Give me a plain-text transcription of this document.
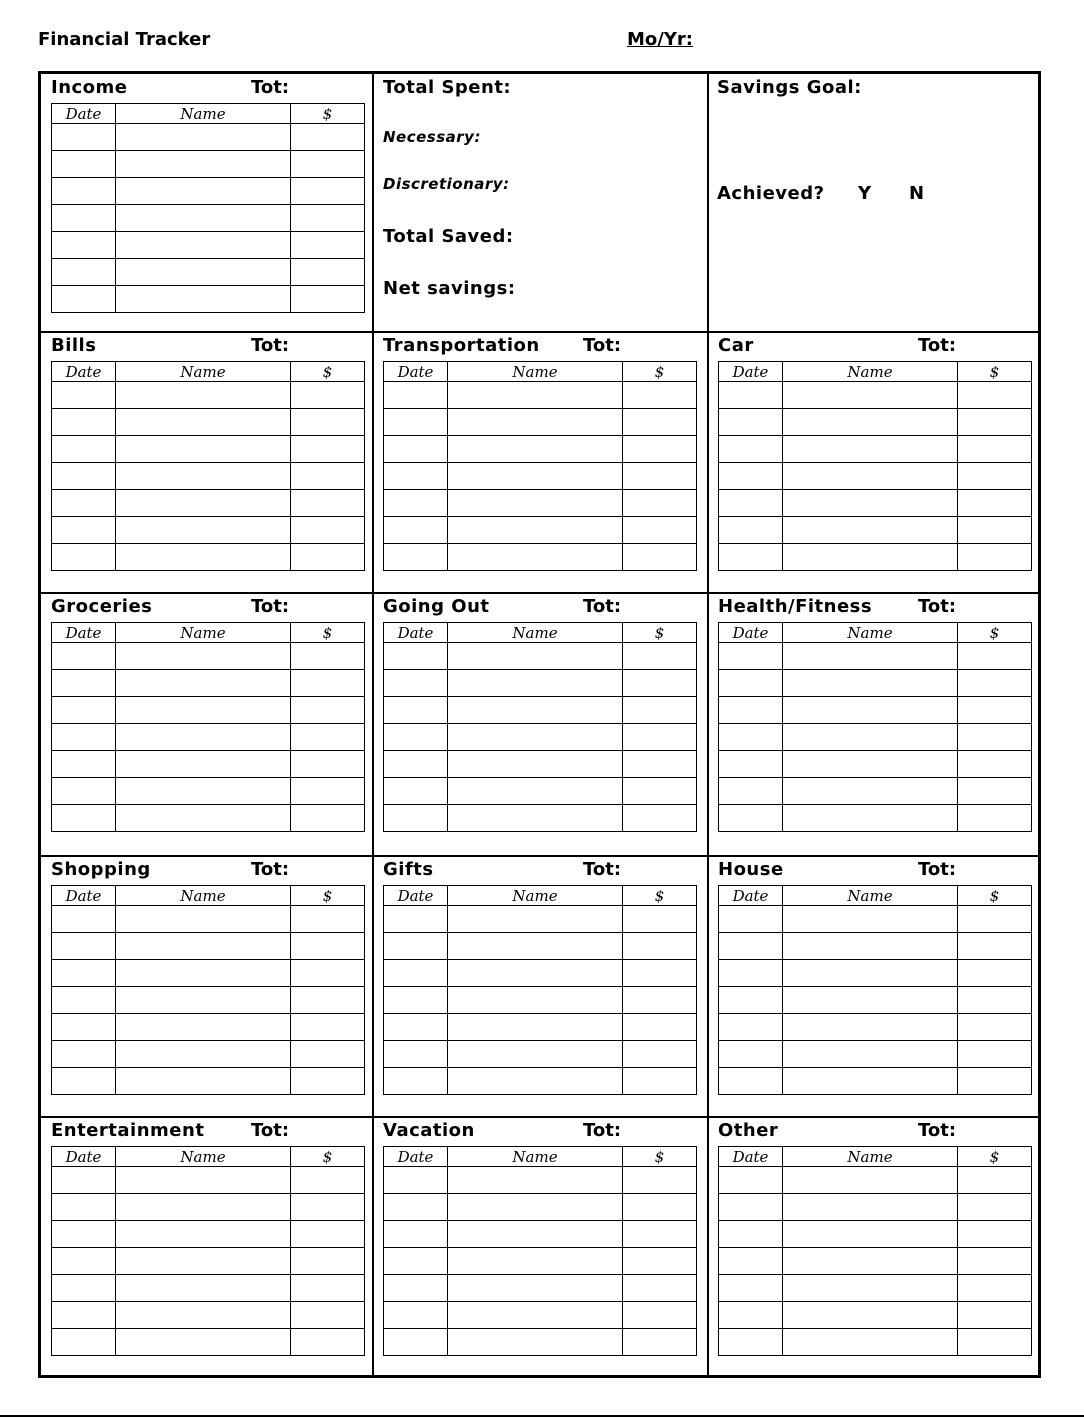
Financial Tracker	Mo/Yr:
Total Spent:
Necessary:
Discretionary:
Total Saved:
Net savings:
Savings Goal:
Achieved? Y N
Income	Tot:
Date	Name	$

Bills	Tot:
Date	Name	$

Transportation Tot:
Date	Name	$

Car	Tot:
Date	Name	$

Groceries	Tot:
Date	Name	$

Going Out	Tot:
Date	Name	$

Health/Fitness	Tot:
Date	Name	$

Shopping	Tot:
Date	Name	$

Gifts	Tot:
Date	Name	$

House	Tot:
Date	Name	$

Entertainment	Tot:
Date	Name	$

Vacation	Tot:
Date	Name	$

Other	Tot:
Date	Name	$
